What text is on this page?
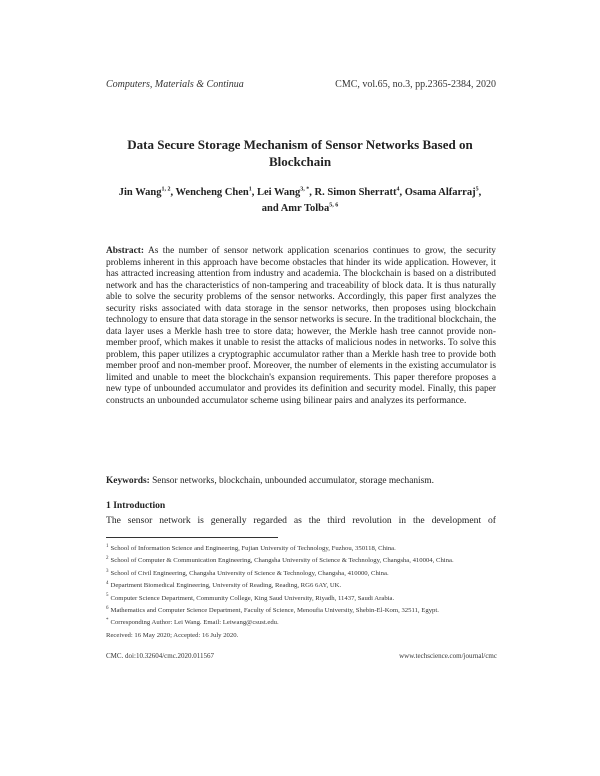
Computers, Materials & Continua	CMC, vol.65, no.3, pp.2365-2384, 2020
Data Secure Storage Mechanism of Sensor Networks Based on Blockchain
Jin Wang$^{1, 2}$, Wencheng Chen$^1$, Lei Wang$^{3, *}$, R. Simon Sherratt$^4$, Osama Alfarraj$^5$,
and Amr Tolba$^{5, 6}$
Abstract: As the number of sensor network application scenarios continues to grow, the security problems inherent in this approach have become obstacles that hinder its wide application. However, it has attracted increasing attention from industry and academia. The blockchain is based on a distributed network and has the characteristics of non-tampering and traceability of block data. It is thus naturally able to solve the security problems of the sensor networks. Accordingly, this paper first analyzes the security risks associated with data storage in the sensor networks, then proposes using blockchain technology to ensure that data storage in the sensor networks is secure. In the traditional blockchain, the data layer uses a Merkle hash tree to store data; however, the Merkle hash tree cannot provide non-member proof, which makes it unable to resist the attacks of malicious nodes in networks. To solve this problem, this paper utilizes a cryptographic accumulator rather than a Merkle hash tree to provide both member proof and non-member proof. Moreover, the number of elements in the existing accumulator is limited and unable to meet the blockchain's expansion requirements. This paper therefore proposes a new type of unbounded accumulator and provides its definition and security model. Finally, this paper constructs an unbounded accumulator scheme using bilinear pairs and analyzes its performance.
Keywords: Sensor networks, blockchain, unbounded accumulator, storage mechanism.
1 Introduction
The sensor network is generally regarded as the third revolution in the development of
$^1$ School of Information Science and Engineering, Fujian University of Technology, Fuzhou, 350118, China.
$^2$ School of Computer & Communication Engineering, Changsha University of Science & Technology, Changsha, 410004, China.
$^3$ School of Civil Engineering, Changsha University of Science & Technology, Changsha, 410000, China.
$^4$ Department Biomedical Engineering, University of Reading, Reading, RG6 6AY, UK.
$^5$ Computer Science Department, Community College, King Saud University, Riyadh, 11437, Saudi Arabia.
$^6$ Mathematics and Computer Science Department, Faculty of Science, Menoufia University, Shebin-El-Kom, 32511, Egypt.
* Corresponding Author: Lei Wang. Email: Leiwang@csust.edu.
Received: 16 May 2020; Accepted: 16 July 2020.
CMC. doi:10.32604/cmc.2020.011567	www.techscience.com/journal/cmc
